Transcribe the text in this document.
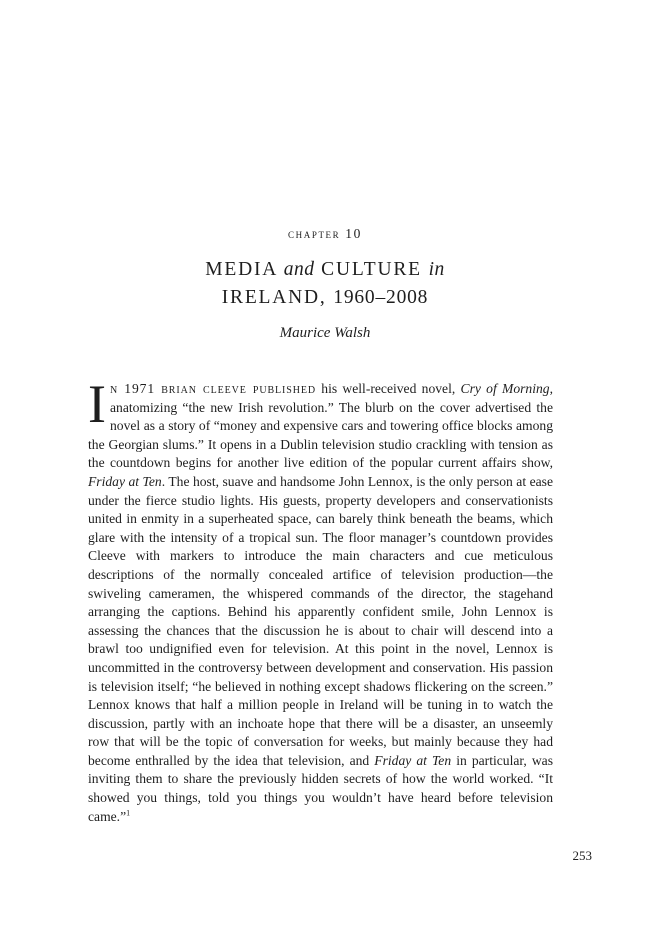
chapter 10
MEDIA and CULTURE in
IRELAND, 1960–2008
Maurice Walsh

In 1971 brian cleeve published his well-received novel, Cry of Morning, anatomizing “the new Irish revolution.” The blurb on the cover advertised the novel as a story of “money and expensive cars and towering office blocks among the Georgian slums.” It opens in a Dublin television studio crackling with tension as the countdown begins for another live edition of the popular current affairs show, Friday at Ten. The host, suave and handsome John Lennox, is the only person at ease under the fierce studio lights. His guests, property developers and conservationists united in enmity in a superheated space, can barely think beneath the beams, which glare with the intensity of a tropical sun. The floor manager’s countdown provides Cleeve with markers to introduce the main characters and cue meticulous descriptions of the normally concealed artifice of television production—the swiveling cameramen, the whispered commands of the director, the stagehand arranging the captions. Behind his apparently confident smile, John Lennox is assessing the chances that the discussion he is about to chair will descend into a brawl too undignified even for television. At this point in the novel, Lennox is uncommitted in the controversy between development and conservation. His passion is television itself; “he believed in nothing except shadows flickering on the screen.” Lennox knows that half a million people in Ireland will be tuning in to watch the discussion, partly with an inchoate hope that there will be a disaster, an unseemly row that will be the topic of conversation for weeks, but mainly because they had become enthralled by the idea that television, and Friday at Ten in particular, was inviting them to share the previously hidden secrets of how the world worked. “It showed you things, told you things you wouldn’t have heard before television came.”$^1$

253
